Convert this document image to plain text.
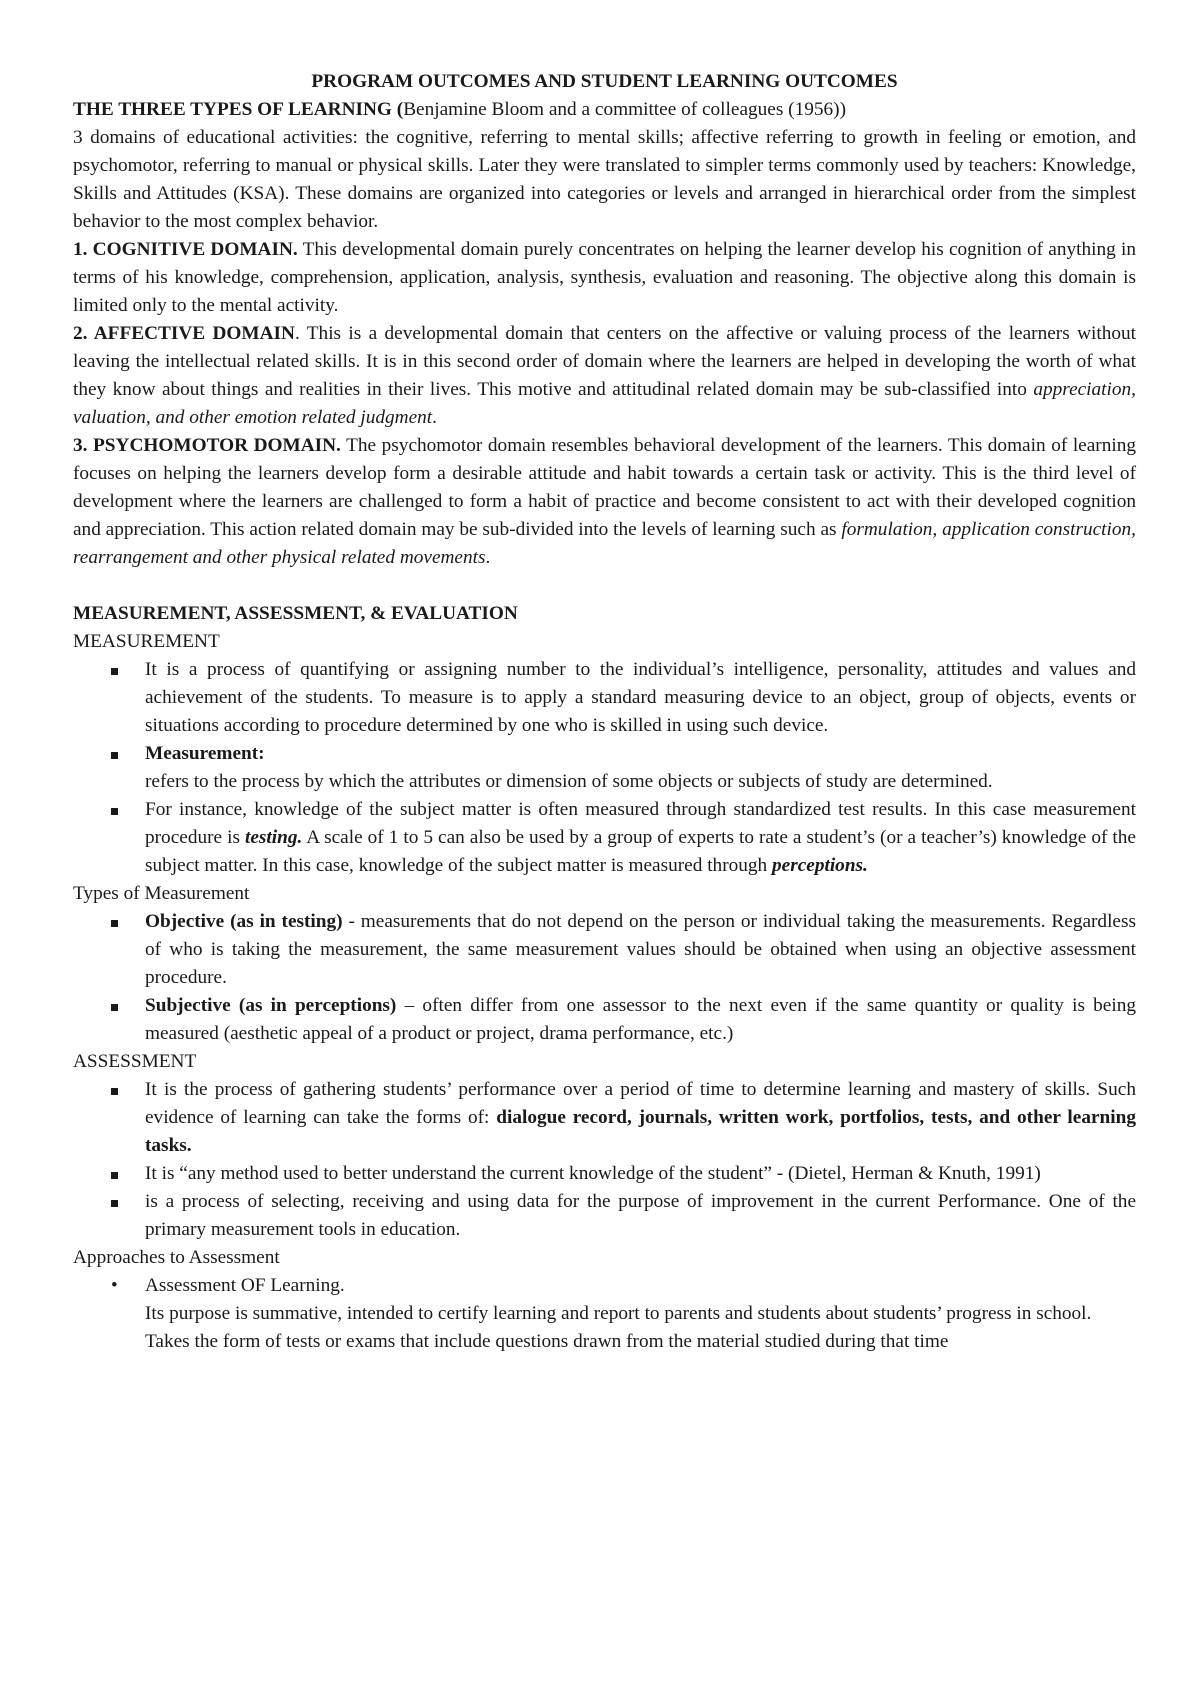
PROGRAM OUTCOMES AND STUDENT LEARNING OUTCOMES

THE THREE TYPES OF LEARNING (Benjamine Bloom and a committee of colleagues (1956))

3 domains of educational activities: the cognitive, referring to mental skills; affective referring to growth in feeling or emotion, and psychomotor, referring to manual or physical skills. Later they were translated to simpler terms commonly used by teachers: Knowledge, Skills and Attitudes (KSA). These domains are organized into categories or levels and arranged in hierarchical order from the simplest behavior to the most complex behavior.

1. COGNITIVE DOMAIN. This developmental domain purely concentrates on helping the learner develop his cognition of anything in terms of his knowledge, comprehension, application, analysis, synthesis, evaluation and reasoning. The objective along this domain is limited only to the mental activity.

2. AFFECTIVE DOMAIN. This is a developmental domain that centers on the affective or valuing process of the learners without leaving the intellectual related skills. It is in this second order of domain where the learners are helped in developing the worth of what they know about things and realities in their lives. This motive and attitudinal related domain may be sub-classified into appreciation, valuation, and other emotion related judgment.

3. PSYCHOMOTOR DOMAIN. The psychomotor domain resembles behavioral development of the learners. This domain of learning focuses on helping the learners develop form a desirable attitude and habit towards a certain task or activity. This is the third level of development where the learners are challenged to form a habit of practice and become consistent to act with their developed cognition and appreciation. This action related domain may be sub-divided into the levels of learning such as formulation, application construction, rearrangement and other physical related movements.

MEASUREMENT, ASSESSMENT, & EVALUATION

MEASUREMENT

It is a process of quantifying or assigning number to the individual’s intelligence, personality, attitudes and values and achievement of the students. To measure is to apply a standard measuring device to an object, group of objects, events or situations according to procedure determined by one who is skilled in using such device.
Measurement:
refers to the process by which the attributes or dimension of some objects or subjects of study are determined.
For instance, knowledge of the subject matter is often measured through standardized test results. In this case measurement procedure is testing. A scale of 1 to 5 can also be used by a group of experts to rate a student’s (or a teacher’s) knowledge of the subject matter. In this case, knowledge of the subject matter is measured through perceptions.

Types of Measurement

Objective (as in testing) - measurements that do not depend on the person or individual taking the measurements. Regardless of who is taking the measurement, the same measurement values should be obtained when using an objective assessment procedure.
Subjective (as in perceptions) – often differ from one assessor to the next even if the same quantity or quality is being measured (aesthetic appeal of a product or project, drama performance, etc.)

ASSESSMENT

It is the process of gathering students’ performance over a period of time to determine learning and mastery of skills. Such evidence of learning can take the forms of: dialogue record, journals, written work, portfolios, tests, and other learning tasks.
It is “any method used to better understand the current knowledge of the student” - (Dietel, Herman & Knuth, 1991)
is a process of selecting, receiving and using data for the purpose of improvement in the current Performance. One of the primary measurement tools in education.

Approaches to Assessment

• Assessment OF Learning.
Its purpose is summative, intended to certify learning and report to parents and students about students’ progress in school. Takes the form of tests or exams that include questions drawn from the material studied during that time
